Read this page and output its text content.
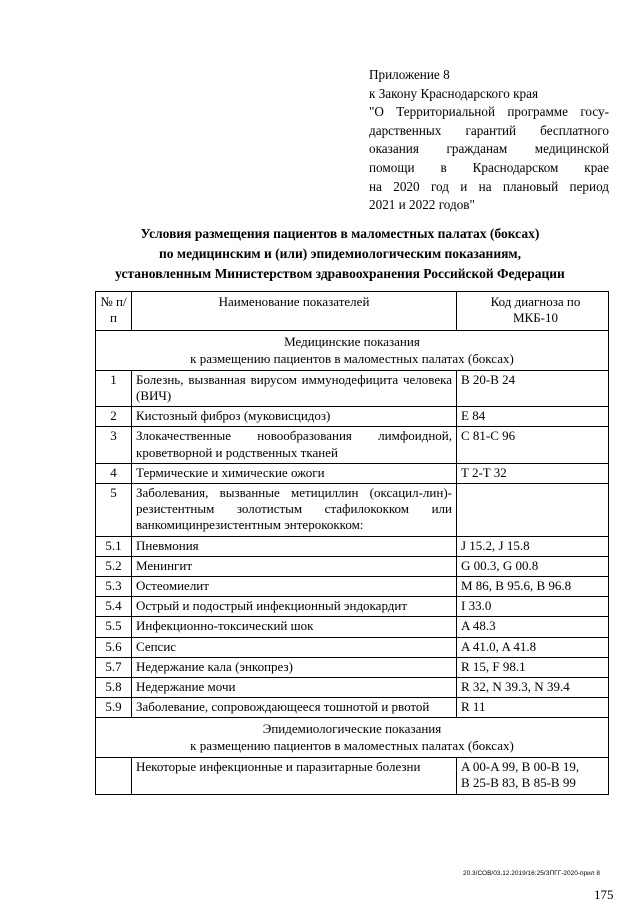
Приложение 8
к Закону Краснодарского края
"О Территориальной программе госу-
дарственных гарантий бесплатного
оказания гражданам медицинской
помощи в Краснодарском крае
на 2020 год и на плановый период
2021 и 2022 годов"
Условия размещения пациентов в маломестных палатах (боксах)
по медицинским и (или) эпидемиологическим показаниям,
установленным Министерством здравоохранения Российской Федерации
№ п/п	Наименование показателей	Код диагноза по МКБ-10

Медицинские показания
к размещению пациентов в маломестных палатах (боксах)		

1	Болезнь, вызванная вирусом иммунодефицита человека (ВИЧ)	B 20-B 24
2	Кистозный фиброз (муковисцидоз)	E 84
3	Злокачественные новообразования лимфоидной, кроветворной и родственных тканей	C 81-C 96
4	Термические и химические ожоги	T 2-T 32
5	Заболевания, вызванные метициллин (оксацил-лин)-резистентным золотистым стафилококком или ванкомицинрезистентным энтерококком:	
5.1	Пневмония	J 15.2, J 15.8
5.2	Менингит	G 00.3, G 00.8
5.3	Остеомиелит	M 86, B 95.6, B 96.8
5.4	Острый и подострый инфекционный эндокардит	I 33.0
5.5	Инфекционно-токсический шок	A 48.3
5.6	Сепсис	A 41.0, A 41.8
5.7	Недержание кала (энкопрез)	R 15, F 98.1
5.8	Недержание мочи	R 32, N 39.3, N 39.4
5.9	Заболевание, сопровождающееся тошнотой и рвотой	R 11

Эпидемиологические показания
к размещению пациентов в маломестных палатах (боксах)		

	Некоторые инфекционные и паразитарные болезни	A 00-A 99, B 00-B 19,
B 25-B 83, B 85-B 99
20.3/СОВ/03.12.2019/16:25/ЗПГГ-2020-прил 8
175
